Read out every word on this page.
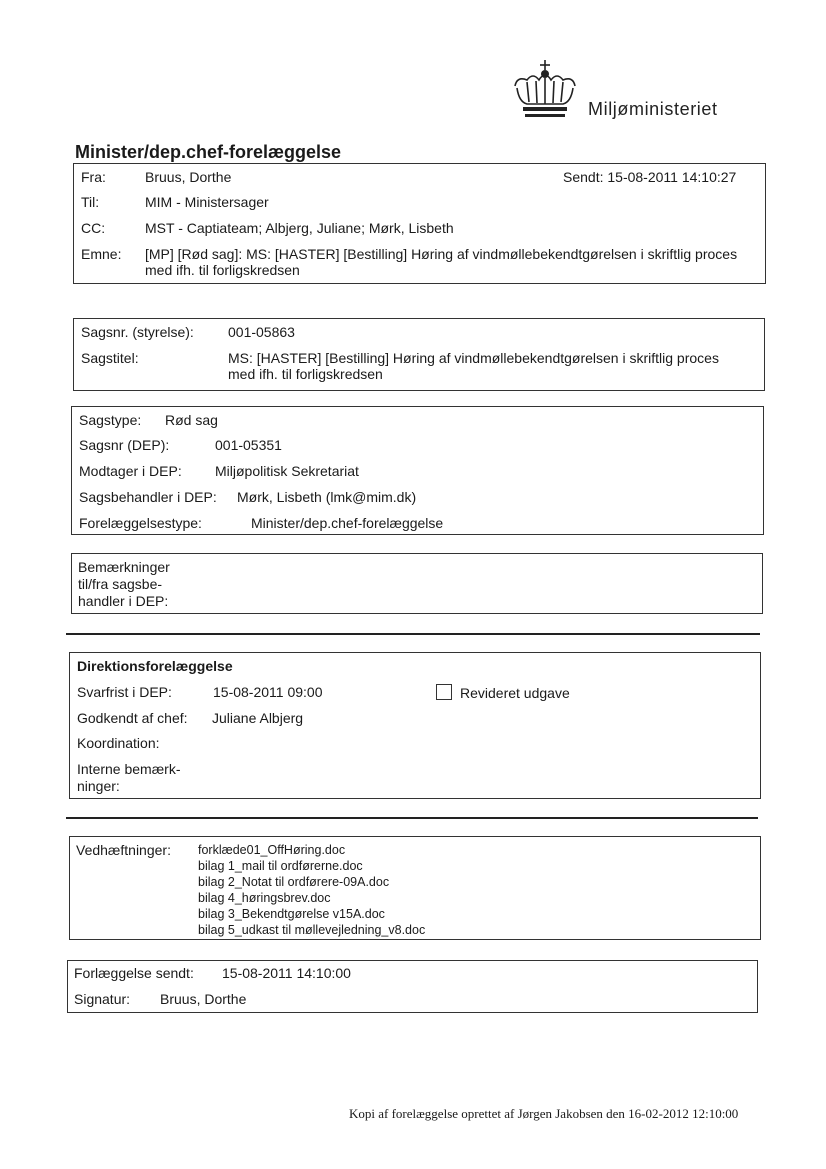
Miljøministeriet
Minister/dep.chef-forelæggelse
Fra:	Bruus, Dorthe	Sendt: 15-08-2011 14:10:27
Til:	MIM - Ministersager
CC:	MST - Captiateam; Albjerg, Juliane; Mørk, Lisbeth
Emne: [MP] [Rød sag]: MS: [HASTER] [Bestilling] Høring af vindmøllebekendtgørelsen i skriftlig proces med ifh. til forligskredsen
Sagsnr. (styrelse): 001-05863
Sagstitel:	MS: [HASTER] [Bestilling] Høring af vindmøllebekendtgørelsen i skriftlig proces med ifh. til forligskredsen
Sagstype: Rød sag
Sagsnr (DEP):	001-05351
Modtager i DEP: Miljøpolitisk Sekretariat
Sagsbehandler i DEP: Mørk, Lisbeth (lmk@mim.dk)
Forelæggelsestype:	Minister/dep.chef-forelæggelse
Bemærkninger
til/fra sagsbe-
handler i DEP:
Direktionsforelæggelse
Svarfrist i DEP:	15-08-2011 09:00	Revideret udgave
Godkendt af chef: Juliane Albjerg
Koordination:
Interne bemærk-
ninger:
Vedhæftninger: forklæde01_OffHøring.doc
bilag 1_mail til ordførerne.doc
bilag 2_Notat til ordførere-09A.doc
bilag 4_høringsbrev.doc
bilag 3_Bekendtgørelse v15A.doc
bilag 5_udkast til møllevejledning_v8.doc
Forlæggelse sendt: 15-08-2011 14:10:00
Signatur: Bruus, Dorthe
Kopi af forelæggelse oprettet af Jørgen Jakobsen den 16-02-2012 12:10:00
